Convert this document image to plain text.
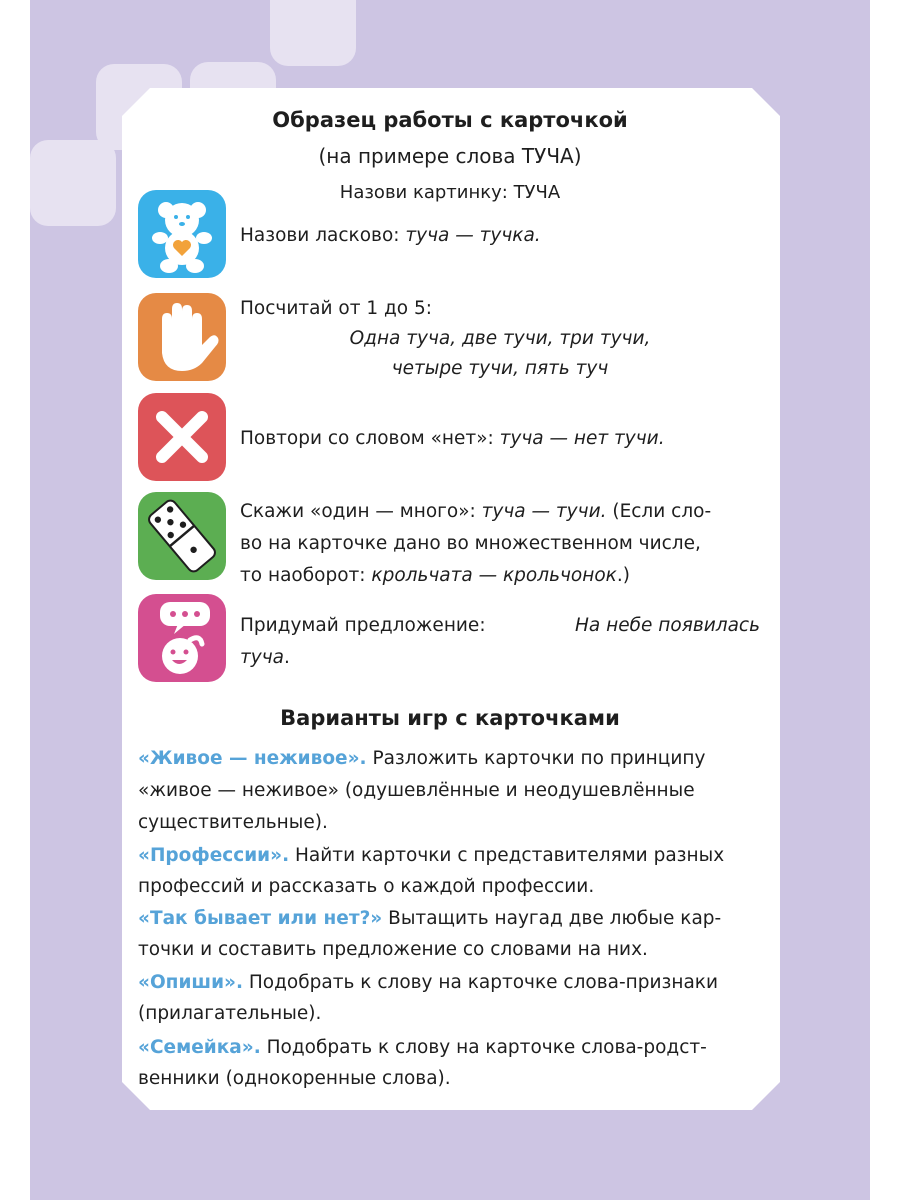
Образец работы с карточкой
(на примере слова ТУЧА)
Назови картинку: ТУЧА
Назови ласково: туча — тучка.
Посчитай от 1 до 5:
Одна туча, две тучи, три тучи,
четыре тучи, пять туч
Повтори со словом «нет»: туча — нет тучи.
Скажи «один — много»: туча — тучи. (Если сло-
во на карточке дано во множественном числе,
то наоборот: крольчата — крольчонок.)
Придумай предложение:	На небе появилась
туча.
Варианты игр с карточками
«Живое — неживое». Разложить карточки по принципу
«живое — неживое» (одушевлённые и неодушевлённые
существительные).
«Профессии». Найти карточки с представителями разных
профессий и рассказать о каждой профессии.
«Так бывает или нет?» Вытащить наугад две любые кар-
точки и составить предложение со словами на них.
«Опиши». Подобрать к слову на карточке слова-признаки
(прилагательные).
«Семейка». Подобрать к слову на карточке слова-родст-
венники (однокоренные слова).
